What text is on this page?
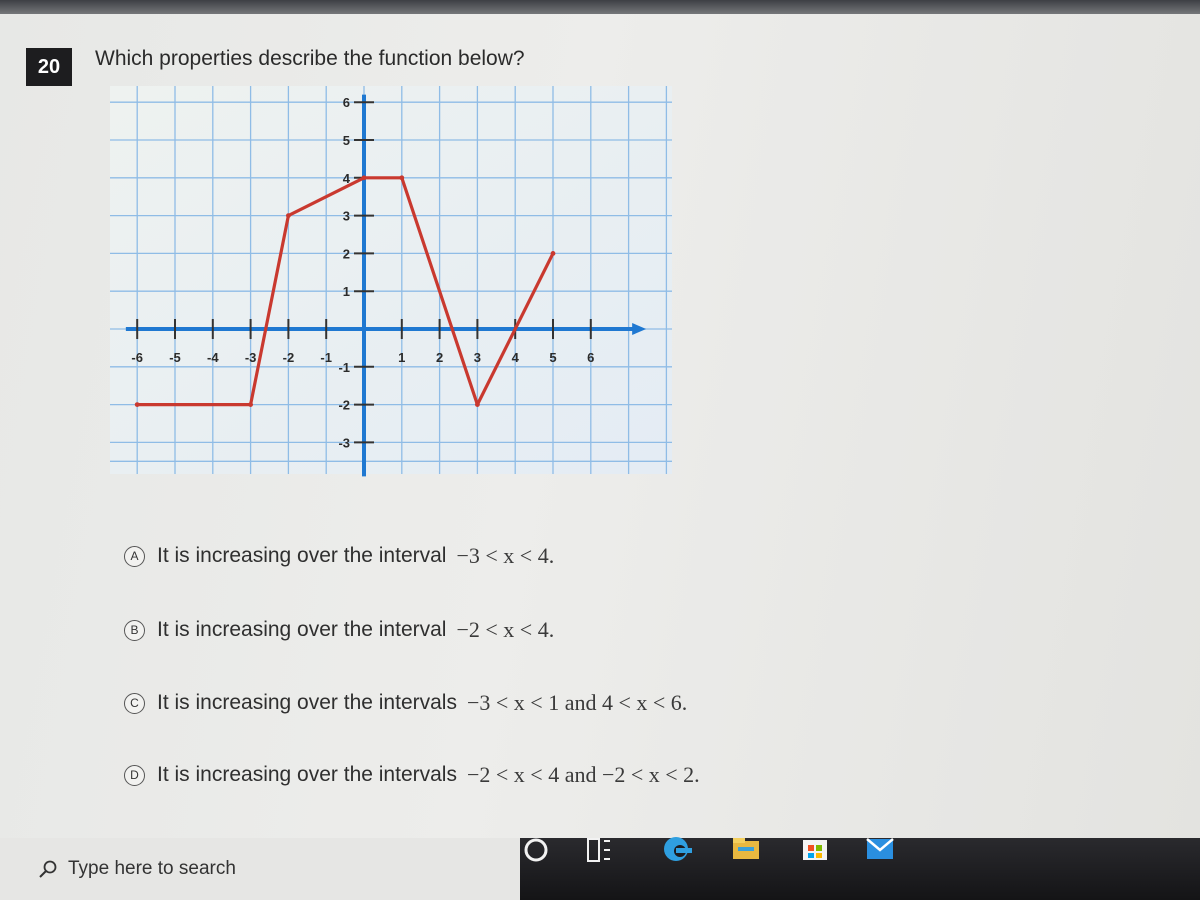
20	Which properties describe the function below?
-6 -5 -4 -3 -2 -1	1 2 3 4 5 6
6
5
4
3
2
1
-1
-2
-3
A It is increasing over the interval −3 < x < 4.
B It is increasing over the interval −2 < x < 4.
C It is increasing over the intervals −3 < x < 1 and 4 < x < 6.
D It is increasing over the intervals −2 < x < 4 and −2 < x < 2.
Type here to search
